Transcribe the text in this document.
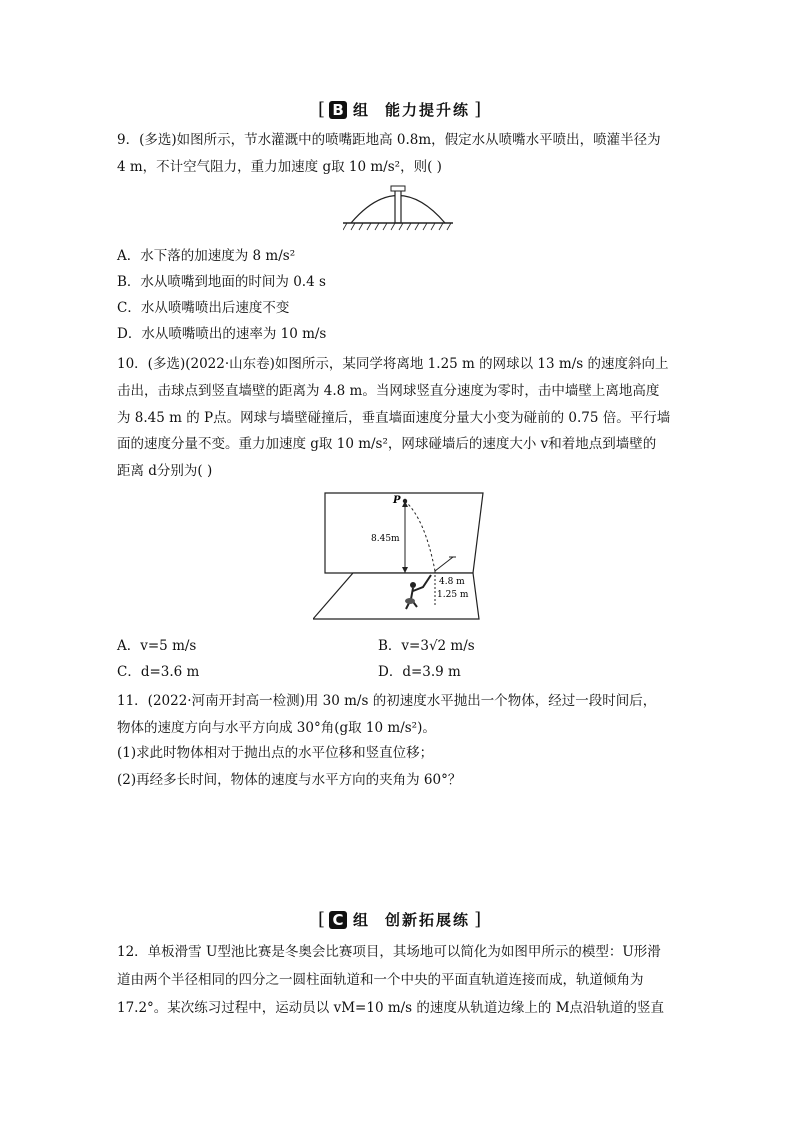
[ B 组 能力提升练 ]
9．(多选)如图所示，节水灌溉中的喷嘴距地高 0.8m，假定水从喷嘴水平喷出，喷灌半径为
4 m，不计空气阻力，重力加速度 g取 10 m/s²，则( )
A．水下落的加速度为 8 m/s²
B．水从喷嘴到地面的时间为 0.4 s
C．水从喷嘴喷出后速度不变
D．水从喷嘴喷出的速率为 10 m/s
10．(多选)(2022·山东卷)如图所示，某同学将离地 1.25 m 的网球以 13 m/s 的速度斜向上
击出，击球点到竖直墙壁的距离为 4.8 m。当网球竖直分速度为零时，击中墙壁上离地高度
为 8.45 m 的 P点。网球与墙壁碰撞后，垂直墙面速度分量大小变为碰前的 0.75 倍。平行墙
面的速度分量不变。重力加速度 g取 10 m/s²，网球碰墙后的速度大小 v和着地点到墙壁的
距离 d分别为( )
P
8.45m
4.8 m
1.25 m
A．v=5 m/s	B．v=3√2 m/s
C．d=3.6 m	D．d=3.9 m
11．(2022·河南开封高一检测)用 30 m/s 的初速度水平抛出一个物体，经过一段时间后，
物体的速度方向与水平方向成 30°角(g取 10 m/s²)。
(1)求此时物体相对于抛出点的水平位移和竖直位移；
(2)再经多长时间，物体的速度与水平方向的夹角为 60°？
[ C 组 创新拓展练 ]
12．单板滑雪 U型池比赛是冬奥会比赛项目，其场地可以简化为如图甲所示的模型：U形滑
道由两个半径相同的四分之一圆柱面轨道和一个中央的平面直轨道连接而成，轨道倾角为
17.2°。某次练习过程中，运动员以 vM=10 m/s 的速度从轨道边缘上的 M点沿轨道的竖直
